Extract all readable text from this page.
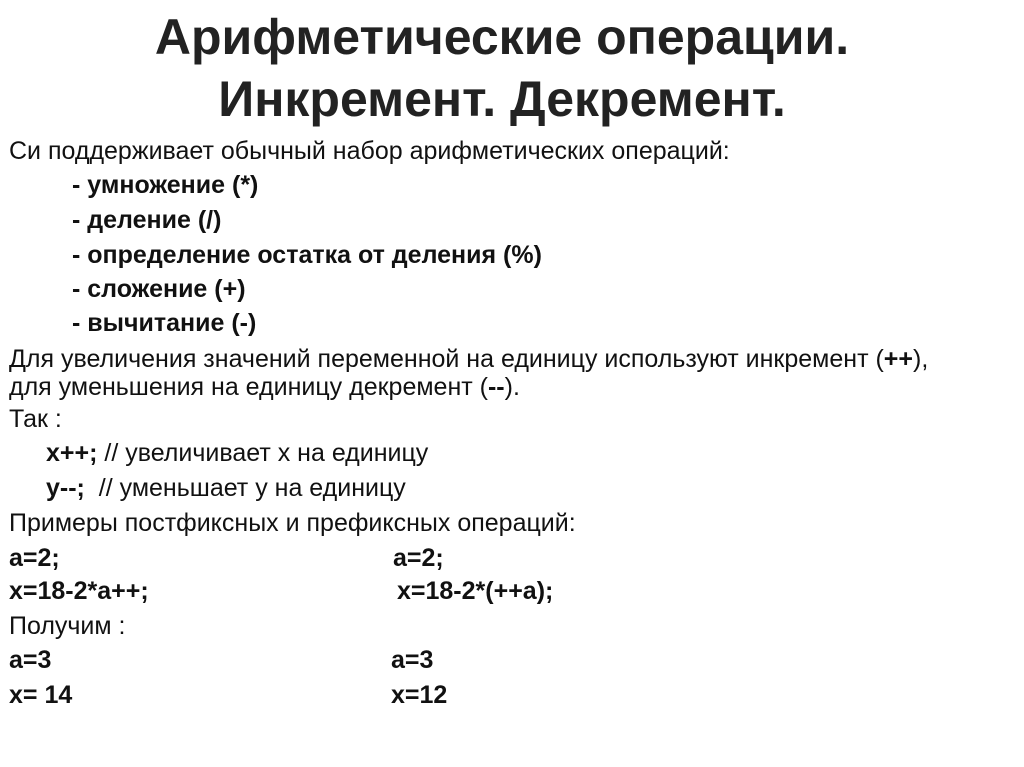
Арифметические операции.
Инкремент. Декремент.
Си поддерживает обычный набор арифметических операций:
- умножение (*)
- деление (/)
- определение остатка от деления (%)
- сложение (+)
- вычитание (-)
Для увеличения значений переменной на единицу используют инкремент (++),
для уменьшения на единицу декремент (--).
Так :
x++; // увеличивает x на единицу
y--;  // уменьшает y на единицу
Примеры постфиксных и префиксных операций:
a=2;	a=2;
x=18-2*a++;	x=18-2*(++a);
Получим :
a=3	a=3
x= 14	x=12
